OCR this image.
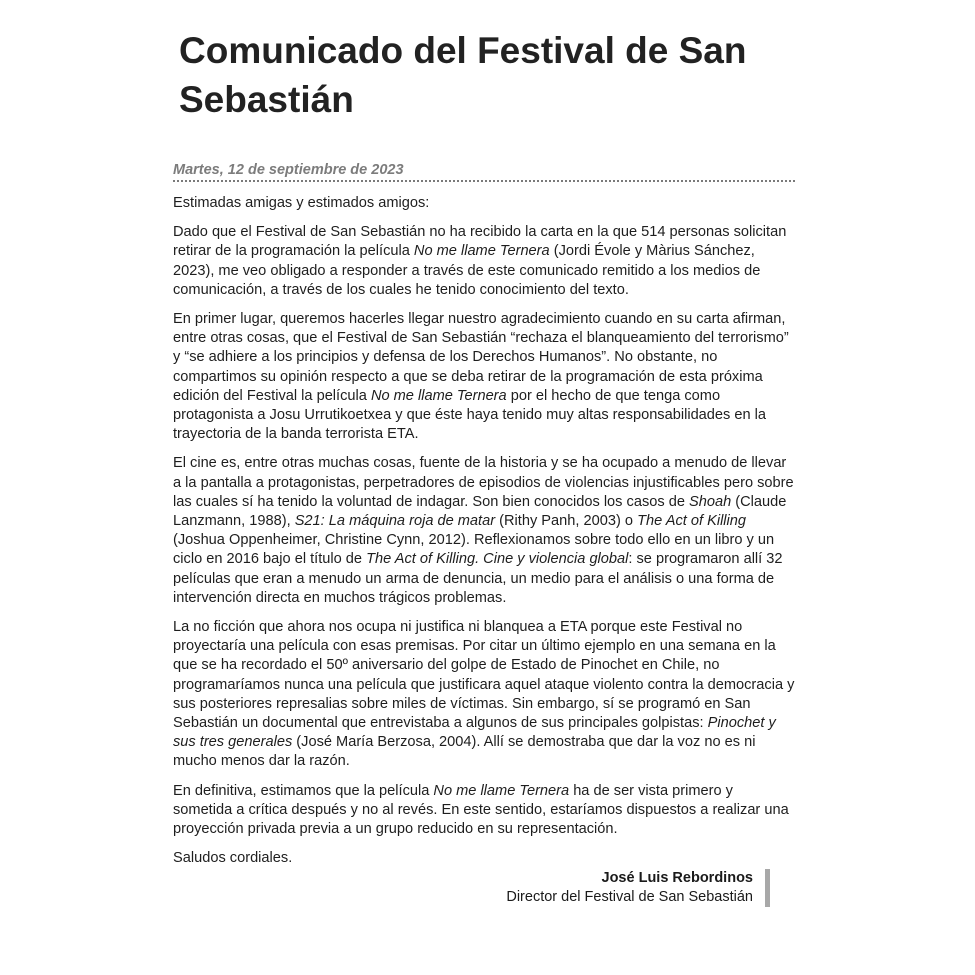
Comunicado del Festival de San Sebastián
Martes, 12 de septiembre de 2023

Estimadas amigas y estimados amigos:

Dado que el Festival de San Sebastián no ha recibido la carta en la que 514 personas solicitan retirar de la programación la película No me llame Ternera (Jordi Évole y Màrius Sánchez, 2023), me veo obligado a responder a través de este comunicado remitido a los medios de comunicación, a través de los cuales he tenido conocimiento del texto.

En primer lugar, queremos hacerles llegar nuestro agradecimiento cuando en su carta afirman, entre otras cosas, que el Festival de San Sebastián “rechaza el blanqueamiento del terrorismo” y “se adhiere a los principios y defensa de los Derechos Humanos”. No obstante, no compartimos su opinión respecto a que se deba retirar de la programación de esta próxima edición del Festival la película No me llame Ternera por el hecho de que tenga como protagonista a Josu Urrutikoetxea y que éste haya tenido muy altas responsabilidades en la trayectoria de la banda terrorista ETA.

El cine es, entre otras muchas cosas, fuente de la historia y se ha ocupado a menudo de llevar a la pantalla a protagonistas, perpetradores de episodios de violencias injustificables pero sobre las cuales sí ha tenido la voluntad de indagar. Son bien conocidos los casos de Shoah (Claude Lanzmann, 1988), S21: La máquina roja de matar (Rithy Panh, 2003) o The Act of Killing (Joshua Oppenheimer, Christine Cynn, 2012). Reflexionamos sobre todo ello en un libro y un ciclo en 2016 bajo el título de The Act of Killing. Cine y violencia global: se programaron allí 32 películas que eran a menudo un arma de denuncia, un medio para el análisis o una forma de intervención directa en muchos trágicos problemas.

La no ficción que ahora nos ocupa ni justifica ni blanquea a ETA porque este Festival no proyectaría una película con esas premisas. Por citar un último ejemplo en una semana en la que se ha recordado el 50º aniversario del golpe de Estado de Pinochet en Chile, no programaríamos nunca una película que justificara aquel ataque violento contra la democracia y sus posteriores represalias sobre miles de víctimas. Sin embargo, sí se programó en San Sebastián un documental que entrevistaba a algunos de sus principales golpistas: Pinochet y sus tres generales (José María Berzosa, 2004). Allí se demostraba que dar la voz no es ni mucho menos dar la razón.

En definitiva, estimamos que la película No me llame Ternera ha de ser vista primero y sometida a crítica después y no al revés. En este sentido, estaríamos dispuestos a realizar una proyección privada previa a un grupo reducido en su representación.

Saludos cordiales.

José Luis Rebordinos
Director del Festival de San Sebastián
